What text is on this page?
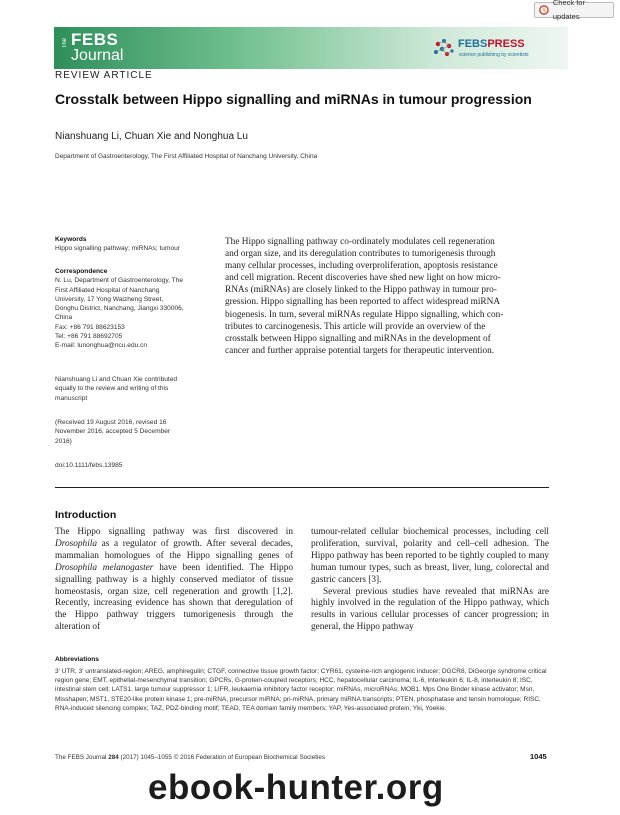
Check for updates
The FEBS
Journal
FEBSPRESS
science publishing by scientists
REVIEW ARTICLE
Crosstalk between Hippo signalling and miRNAs in tumour progression
Nianshuang Li, Chuan Xie and Nonghua Lu
Department of Gastroenterology, The First Affiliated Hospital of Nanchang University, China
Keywords
Hippo signalling pathway; miRNAs; tumour
Correspondence
N. Lu, Department of Gastroenterology, The
First Affiliated Hospital of Nanchang
University, 17 Yong Waizheng Street,
Donghu District, Nanchang, Jiangxi 330006,
China
Fax: +86 791 88623153
Tel: +86 791 88692705
E-mail: lunonghua@ncu.edu.cn
Nianshuang Li and Chuan Xie contributed
equally to the review and writing of this
manuscript
(Received 19 August 2016, revised 16
November 2016, accepted 5 December
2016)
doi:10.1111/febs.13985
The Hippo signalling pathway co-ordinately modulates cell regeneration
and organ size, and its deregulation contributes to tumorigenesis through
many cellular processes, including overproliferation, apoptosis resistance
and cell migration. Recent discoveries have shed new light on how micro-
RNAs (miRNAs) are closely linked to the Hippo pathway in tumour pro-
gression. Hippo signalling has been reported to affect widespread miRNA
biogenesis. In turn, several miRNAs regulate Hippo signalling, which con-
tributes to carcinogenesis. This article will provide an overview of the
crosstalk between Hippo signalling and miRNAs in the development of
cancer and further appraise potential targets for therapeutic intervention.
Introduction

The Hippo signalling pathway was first discovered in Drosophila as a regulator of growth. After several decades, mammalian homologues of the Hippo signalling genes of Drosophila melanogaster have been identified. The Hippo signalling pathway is a highly conserved mediator of tissue homeostasis, organ size, cell regeneration and growth [1,2]. Recently, increasing evidence has shown that deregulation of the Hippo pathway triggers tumorigenesis through the alteration of

tumour-related cellular biochemical processes, including cell proliferation, survival, polarity and cell–cell adhesion. The Hippo pathway has been reported to be tightly coupled to many human tumour types, such as breast, liver, lung, colorectal and gastric cancers [3].

Several previous studies have revealed that miRNAs are highly involved in the regulation of the Hippo pathway, which results in various cellular processes of cancer progression; in general, the Hippo pathway

Abbreviations
3′ UTR, 3′ untranslated-region; AREG, amphiregulin; CTGF, connective tissue growth factor; CYR61, cysteine-rich angiogenic inducer; DGCR8, DiGeorge syndrome critical region gene; EMT, epithelial-mesenchymal transition; GPCRs, G-protein-coupled receptors; HCC, hepatocellular carcinoma; IL-6, interleukin 6; IL-8, interleukin 8; ISC, intestinal stem cell; LATS1, large tumour suppressor 1; LIFR, leukaemia inhibitory factor receptor; miRNAs, microRNAs; MOB1, Mps One Binder kinase activator; Msn, Misshapen; MST1, STE20-like protein kinase 1; pre-miRNA, precursor miRNA; pri-miRNA, primary miRNA transcripts; PTEN, phosphatase and tensin homologue; RISC, RNA-induced silencing complex; TAZ, PDZ-binding motif; TEAD, TEA domain family members; YAP, Yes-associated protein; Yki, Yoekie.
The FEBS Journal 284 (2017) 1045–1055 © 2016 Federation of European Biochemical Societies	1045
ebook-hunter.org
